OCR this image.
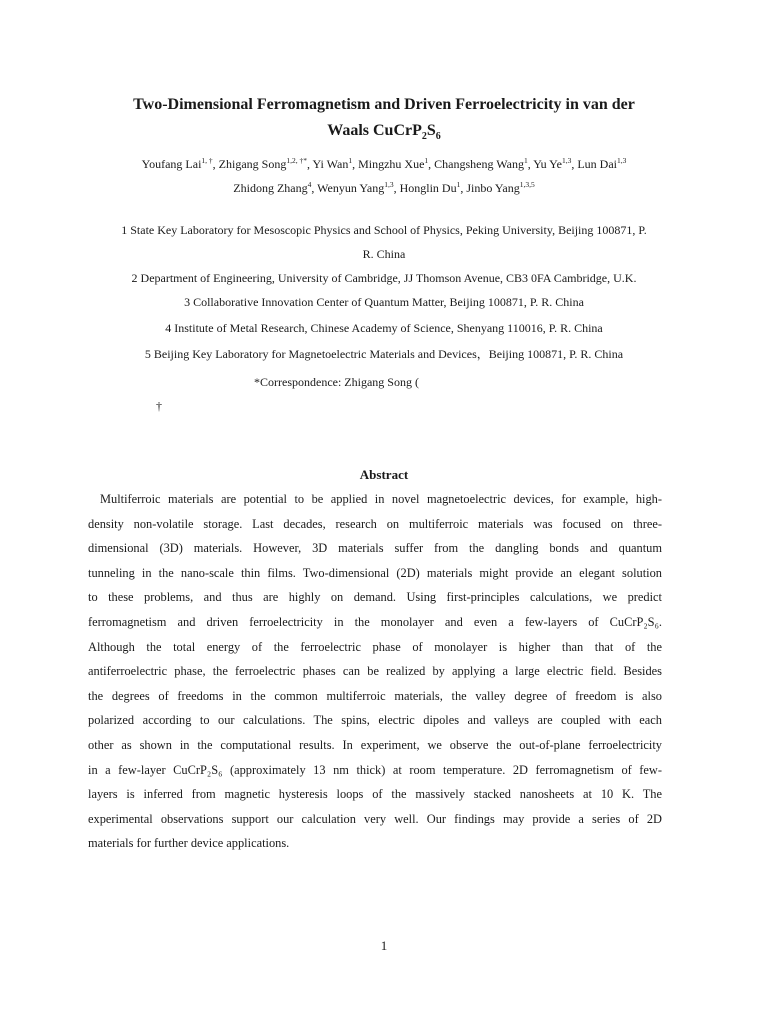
Two-Dimensional Ferromagnetism and Driven Ferroelectricity in van der
Waals $CuCrP_2S_6$
Youfang Lai$^{1, \dagger}$, Zhigang Song$^{1,2, \dagger*}$, Yi Wan$^1$, Mingzhu Xue$^1$, Changsheng Wang$^1$, Yu Ye$^{1,3}$, Lun Dai$^{1,3}$
Zhidong Zhang$^4$, Wenyun Yang$^{1,3}$, Honglin Du$^1$, Jinbo Yang$^{1,3,5}$
1 State Key Laboratory for Mesoscopic Physics and School of Physics, Peking University, Beijing 100871, P.
R. China
2 Department of Engineering, University of Cambridge, JJ Thomson Avenue, CB3 0FA Cambridge, U.K.
3 Collaborative Innovation Center of Quantum Matter, Beijing 100871, P. R. China
4 Institute of Metal Research, Chinese Academy of Science, Shenyang 110016, P. R. China
5 Beijing Key Laboratory for Magnetoelectric Materials and Devices，Beijing 100871, P. R. China
*Correspondence: Zhigang Song (
†
Abstract
Multiferroic materials are potential to be applied in novel magnetoelectric devices, for example, high-
density non-volatile storage. Last decades, research on multiferroic materials was focused on three-
dimensional (3D) materials. However, 3D materials suffer from the dangling bonds and quantum
tunneling in the nano-scale thin films. Two-dimensional (2D) materials might provide an elegant solution
to these problems, and thus are highly on demand. Using first-principles calculations, we predict
ferromagnetism and driven ferroelectricity in the monolayer and even a few-layers of CuCrP₂S₆.
Although the total energy of the ferroelectric phase of monolayer is higher than that of the
antiferroelectric phase, the ferroelectric phases can be realized by applying a large electric field. Besides
the degrees of freedoms in the common multiferroic materials, the valley degree of freedom is also
polarized according to our calculations. The spins, electric dipoles and valleys are coupled with each
other as shown in the computational results. In experiment, we observe the out-of-plane ferroelectricity
in a few-layer CuCrP₂S₆ (approximately 13 nm thick) at room temperature. 2D ferromagnetism of few-
layers is inferred from magnetic hysteresis loops of the massively stacked nanosheets at 10 K. The
experimental observations support our calculation very well. Our findings may provide a series of 2D
materials for further device applications.
1
